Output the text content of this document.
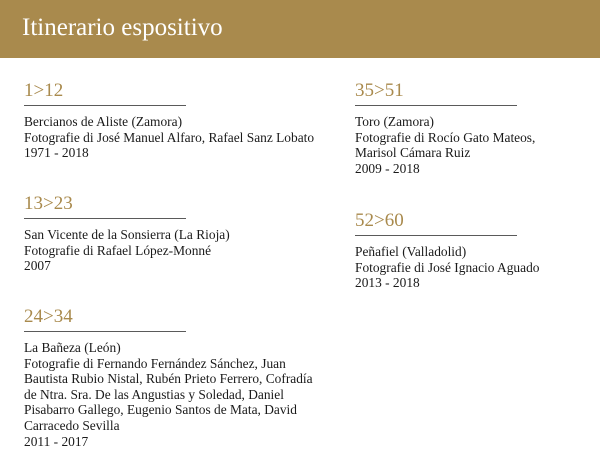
Itinerario espositivo
1>12
Bercianos de Aliste (Zamora)
Fotografie di José Manuel Alfaro, Rafael Sanz Lobato
1971 - 2018
13>23
San Vicente de la Sonsierra (La Rioja)
Fotografie di Rafael López-Monné
2007
24>34
La Bañeza (León)
Fotografie di Fernando Fernández Sánchez, Juan Bautista Rubio Nistal, Rubén Prieto Ferrero, Cofradía de Ntra. Sra. De las Angustias y Soledad, Daniel Pisabarro Gallego, Eugenio Santos de Mata, David Carracedo Sevilla
2011 - 2017
35>51
Toro (Zamora)
Fotografie di Rocío Gato Mateos, Marisol Cámara Ruiz
2009 - 2018
52>60
Peñafiel (Valladolid)
Fotografie di José Ignacio Aguado
2013 - 2018
